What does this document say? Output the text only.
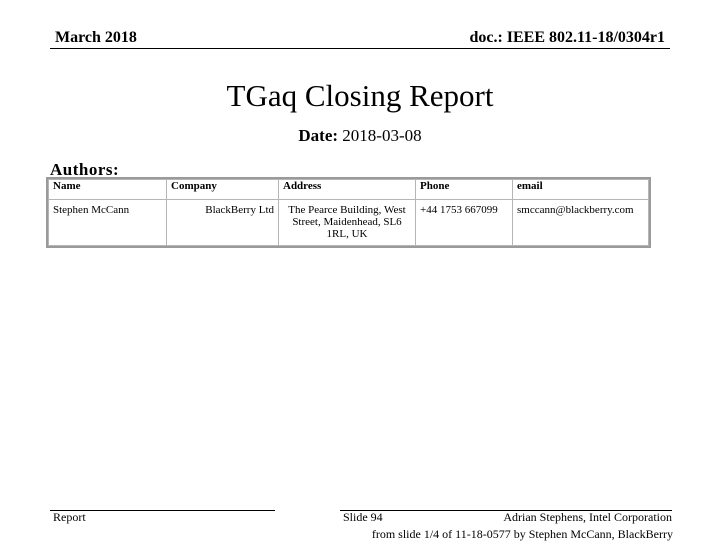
March 2018	doc.: IEEE 802.11-18/0304r1
TGaq Closing Report
Date: 2018-03-08
Authors:
Name	Company	Address	Phone	email
Stephen McCann	BlackBerry Ltd	The Pearce Building, West Street, Maidenhead, SL6 1RL, UK	+44 1753 667099	smccann@blackberry.com
Report	Slide 94	Adrian Stephens, Intel Corporation
from slide 1/4 of 11-18-0577 by Stephen McCann, BlackBerry
